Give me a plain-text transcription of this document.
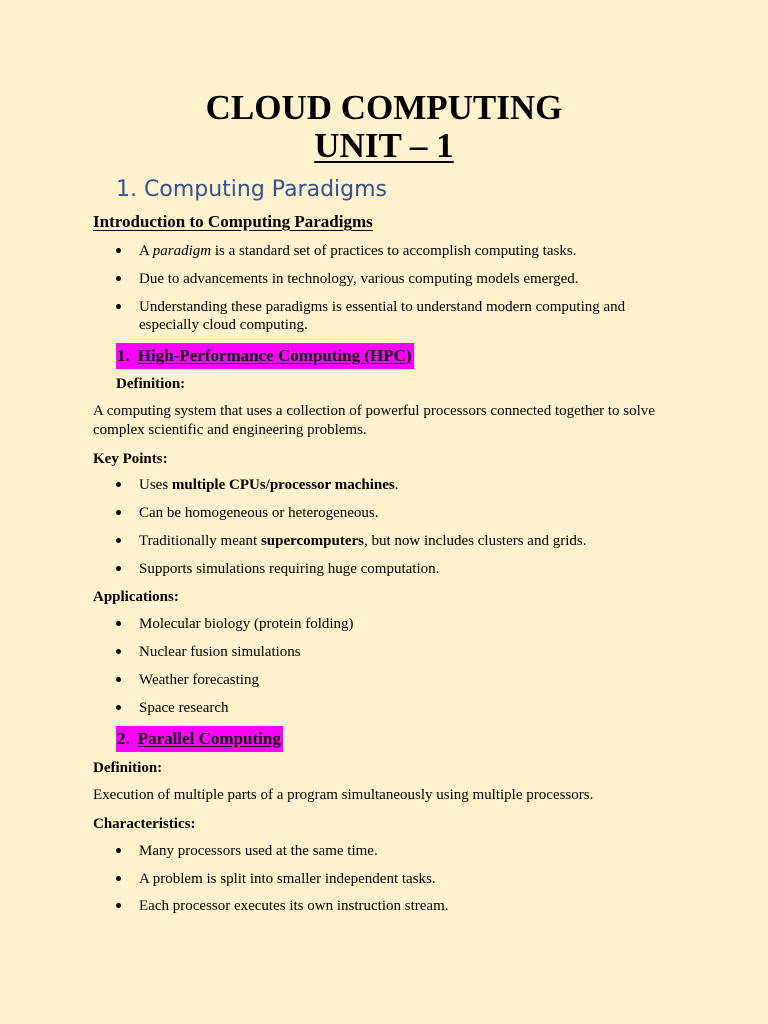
CLOUD COMPUTING
UNIT – 1
1. Computing Paradigms
Introduction to Computing Paradigms
A paradigm is a standard set of practices to accomplish computing tasks.
Due to advancements in technology, various computing models emerged.
Understanding these paradigms is essential to understand modern computing and especially cloud computing.
1. High-Performance Computing (HPC)
Definition:
A computing system that uses a collection of powerful processors connected together to solve complex scientific and engineering problems.
Key Points:
Uses multiple CPUs/processor machines.
Can be homogeneous or heterogeneous.
Traditionally meant supercomputers, but now includes clusters and grids.
Supports simulations requiring huge computation.
Applications:
Molecular biology (protein folding)
Nuclear fusion simulations
Weather forecasting
Space research
2. Parallel Computing
Definition:
Execution of multiple parts of a program simultaneously using multiple processors.
Characteristics:
Many processors used at the same time.
A problem is split into smaller independent tasks.
Each processor executes its own instruction stream.
